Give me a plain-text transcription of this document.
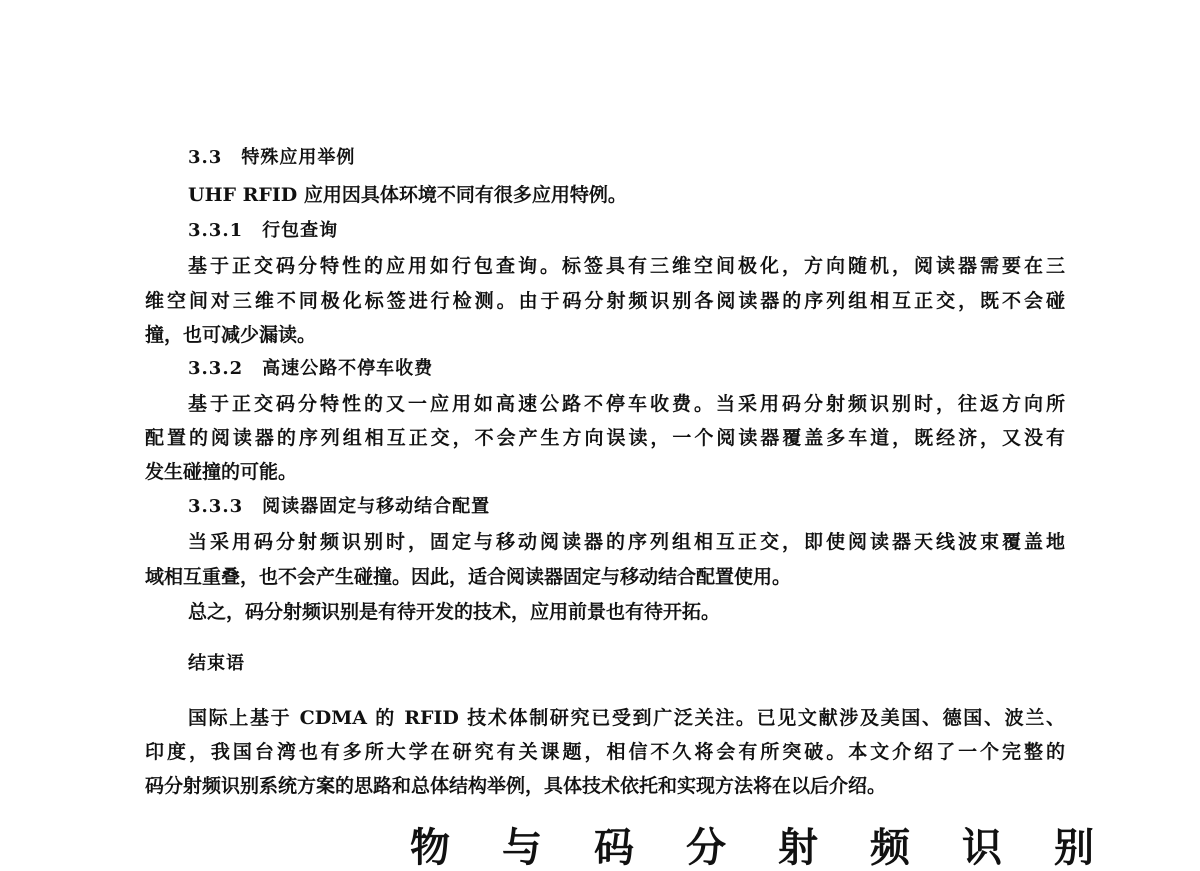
3.3　特殊应用举例
UHF RFID 应用因具体环境不同有很多应用特例。
3.3.1　行包查询
基于正交码分特性的应用如行包查询。标签具有三维空间极化，方向随机，阅读器需要在三
维空间对三维不同极化标签进行检测。由于码分射频识别各阅读器的序列组相互正交，既不会碰
撞，也可减少漏读。
3.3.2　高速公路不停车收费
基于正交码分特性的又一应用如高速公路不停车收费。当采用码分射频识别时，往返方向所
配置的阅读器的序列组相互正交，不会产生方向误读，一个阅读器覆盖多车道，既经济，又没有
发生碰撞的可能。
3.3.3　阅读器固定与移动结合配置
当采用码分射频识别时，固定与移动阅读器的序列组相互正交，即使阅读器天线波束覆盖地
域相互重叠，也不会产生碰撞。因此，适合阅读器固定与移动结合配置使用。
总之，码分射频识别是有待开发的技术，应用前景也有待开拓。
结束语
国际上基于 CDMA 的 RFID 技术体制研究已受到广泛关注。已见文献涉及美国、德国、波兰、
印度，我国台湾也有多所大学在研究有关课题，相信不久将会有所突破。本文介绍了一个完整的
码分射频识别系统方案的思路和总体结构举例，具体技术依托和实现方法将在以后介绍。
物　与　码　分　射　频　识　别　
